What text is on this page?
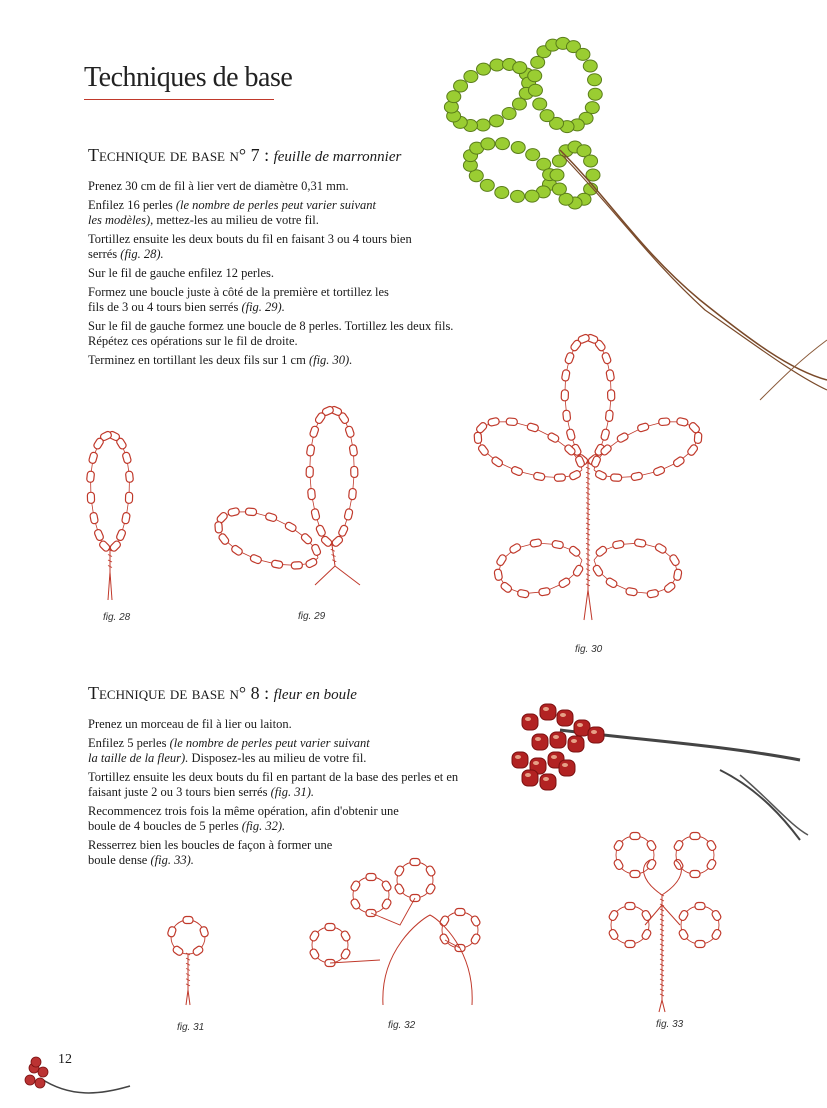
Techniques de base
Technique de base n° 7 : feuille de marronnier

Prenez 30 cm de fil à lier vert de diamètre 0,31 mm.

Enfilez 16 perles (le nombre de perles peut varier suivant les modèles), mettez-les au milieu de votre fil.

Tortillez ensuite les deux bouts du fil en faisant 3 ou 4 tours bien serrés (fig. 28).

Sur le fil de gauche enfilez 12 perles.

Formez une boucle juste à côté de la première et tortillez les fils de 3 ou 4 tours bien serrés (fig. 29).

Sur le fil de gauche formez une boucle de 8 perles. Tortillez les deux fils. Répétez ces opérations sur le fil de droite.

Terminez en tortillant les deux fils sur 1 cm (fig. 30).

fig. 28	fig. 29
fig. 30
Technique de base n° 8 : fleur en boule

Prenez un morceau de fil à lier ou laiton.

Enfilez 5 perles (le nombre de perles peut varier suivant la taille de la fleur). Disposez-les au milieu de votre fil.

Tortillez ensuite les deux bouts du fil en partant de la base des perles et en faisant juste 2 ou 3 tours bien serrés (fig. 31).

Recommencez trois fois la même opération, afin d'obtenir une boule de 4 boucles de 5 perles (fig. 32).

Resserrez bien les boucles de façon à former une boule dense (fig. 33).

fig. 31	fig. 32	fig. 33
12
